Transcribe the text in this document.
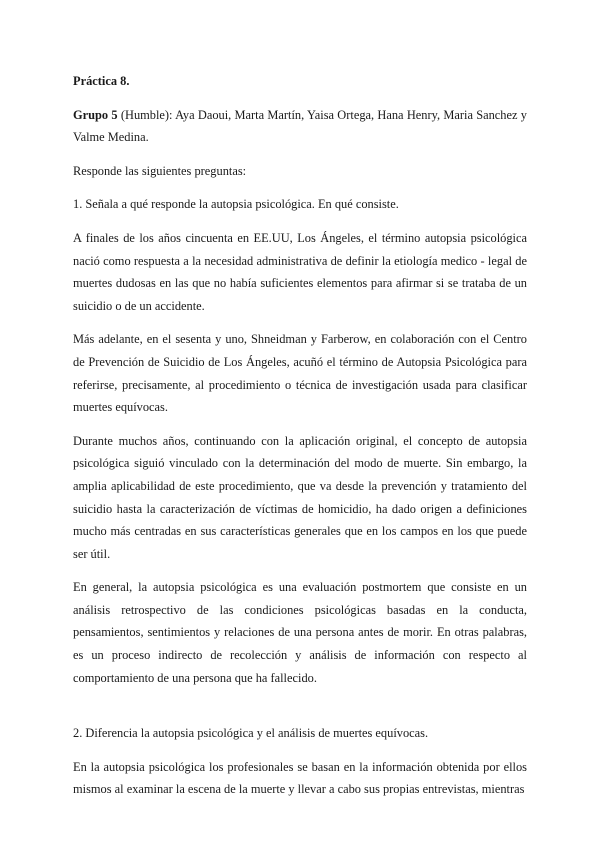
Práctica 8.

Grupo 5 (Humble): Aya Daoui, Marta Martín, Yaisa Ortega, Hana Henry, Maria Sanchez y Valme Medina.

Responde las siguientes preguntas:

1. Señala a qué responde la autopsia psicológica. En qué consiste.

A finales de los años cincuenta en EE.UU, Los Ángeles, el término autopsia psicológica nació como respuesta a la necesidad administrativa de definir la etiología medico - legal de muertes dudosas en las que no había suficientes elementos para afirmar si se trataba de un suicidio o de un accidente.

Más adelante, en el sesenta y uno, Shneidman y Farberow, en colaboración con el Centro de Prevención de Suicidio de Los Ángeles, acuñó el término de Autopsia Psicológica para referirse, precisamente, al procedimiento o técnica de investigación usada para clasificar muertes equívocas.

Durante muchos años, continuando con la aplicación original, el concepto de autopsia psicológica siguió vinculado con la determinación del modo de muerte. Sin embargo, la amplia aplicabilidad de este procedimiento, que va desde la prevención y tratamiento del suicidio hasta la caracterización de víctimas de homicidio, ha dado origen a definiciones mucho más centradas en sus características generales que en los campos en los que puede ser útil.

En general, la autopsia psicológica es una evaluación postmortem que consiste en un análisis retrospectivo de las condiciones psicológicas basadas en la conducta, pensamientos, sentimientos y relaciones de una persona antes de morir. En otras palabras, es un proceso indirecto de recolección y análisis de información con respecto al comportamiento de una persona que ha fallecido.

2. Diferencia la autopsia psicológica y el análisis de muertes equívocas.

En la autopsia psicológica los profesionales se basan en la información obtenida por ellos mismos al examinar la escena de la muerte y llevar a cabo sus propias entrevistas, mientras
